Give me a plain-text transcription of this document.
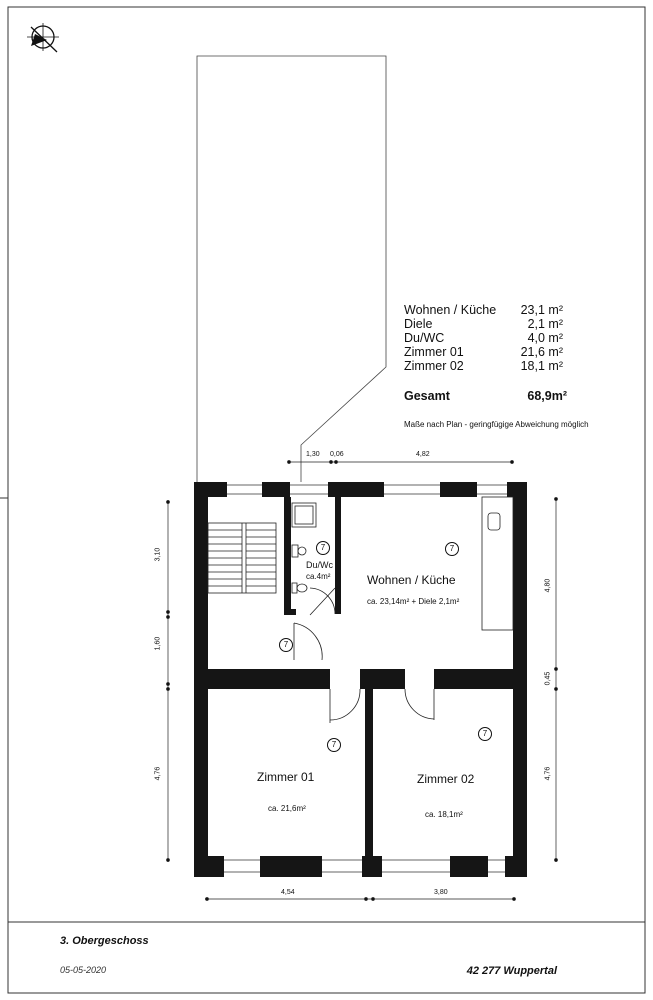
Wohnen / Küche 23,1 m²
Diele	2,1 m²
Du/WC	4,0 m²
Zimmer 01	21,6 m²
Zimmer 02	18,1 m²
Gesamt	68,9m²
Maße nach Plan - geringfügige Abweichung möglich
Wohnen / Küche
ca. 23,14m² + Diele 2,1m²
Du/Wc
ca.4m²
Zimmer 01
ca. 21,6m²
Zimmer 02
ca. 18,1m²
7	7
7
7
7
1,30 0,06	4,82
4,54	3,80
3,10
1,60
4,76
4,80
0,45
4,76
3. Obergeschoss
05-05-2020	42 277 Wuppertal
